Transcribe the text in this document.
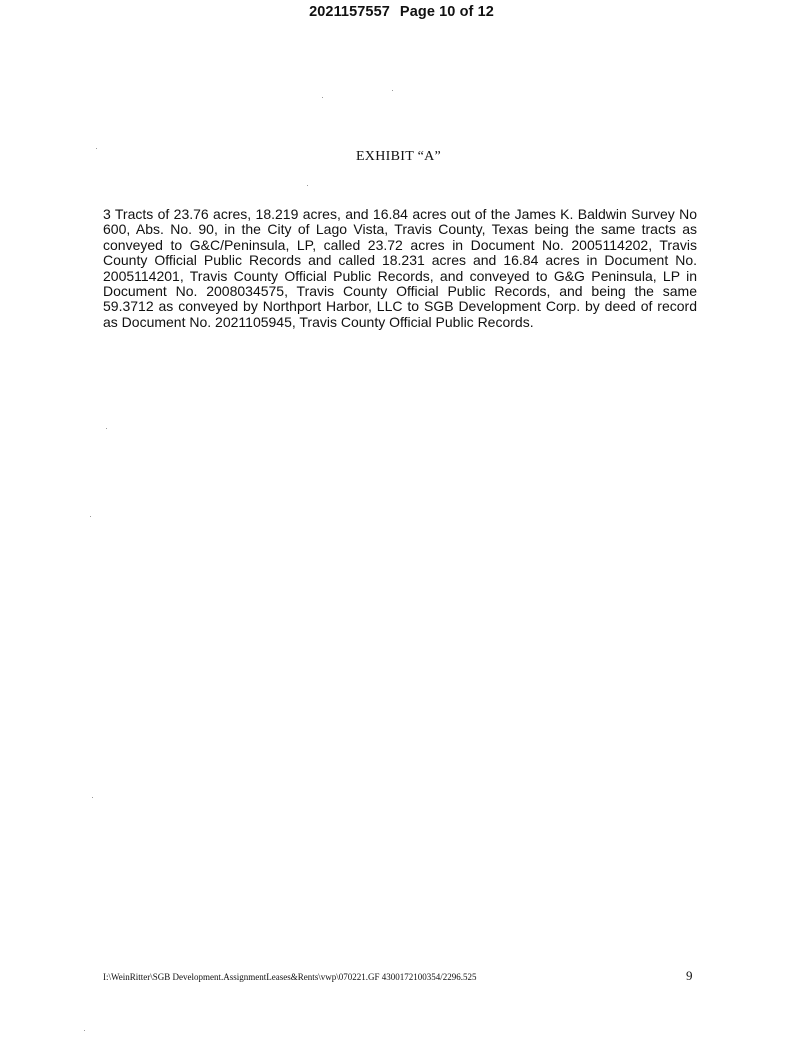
2021157557 Page 10 of 12
EXHIBIT “A”

3 Tracts of 23.76 acres, 18.219 acres, and 16.84 acres out of the James K. Baldwin Survey No 600, Abs. No. 90, in the City of Lago Vista, Travis County, Texas being the same tracts as conveyed to G&C/Peninsula, LP, called 23.72 acres in Document No. 2005114202, Travis County Official Public Records and called 18.231 acres and 16.84 acres in Document No. 2005114201, Travis County Official Public Records, and conveyed to G&G Peninsula, LP in Document No. 2008034575, Travis County Official Public Records, and being the same 59.3712 as conveyed by Northport Harbor, LLC to SGB Development Corp. by deed of record as Document No. 2021105945, Travis County Official Public Records.

I:\WeinRitter\SGB Development.AssignmentLeases&Rents\vwp\070221.GF 4300172100354/2296.525	9
